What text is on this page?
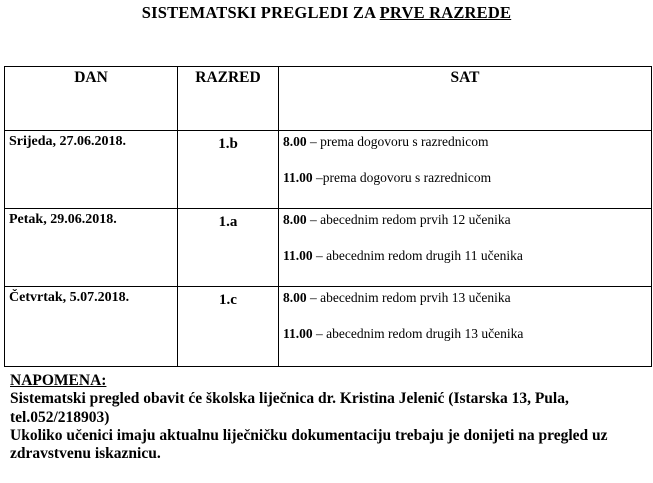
SISTEMATSKI PREGLEDI ZA PRVE RAZREDE
DAN	RAZRED	SAT
Srijeda, 27.06.2018.	1.b	8.00 – prema dogovoru s razrednicom
11.00 –prema dogovoru s razrednicom

Petak, 29.06.2018.	1.a	8.00 – abecednim redom prvih 12 učenika
11.00 – abecednim redom drugih 11 učenika

Četvrtak, 5.07.2018.	1.c	8.00 – abecednim redom prvih 13 učenika
11.00 – abecednim redom drugih 13 učenika
NAPOMENA:
Sistematski pregled obavit će školska liječnica dr. Kristina Jelenić (Istarska 13, Pula, tel.052/218903)
Ukoliko učenici imaju aktualnu liječničku dokumentaciju trebaju je donijeti na pregled uz zdravstvenu iskaznicu.
